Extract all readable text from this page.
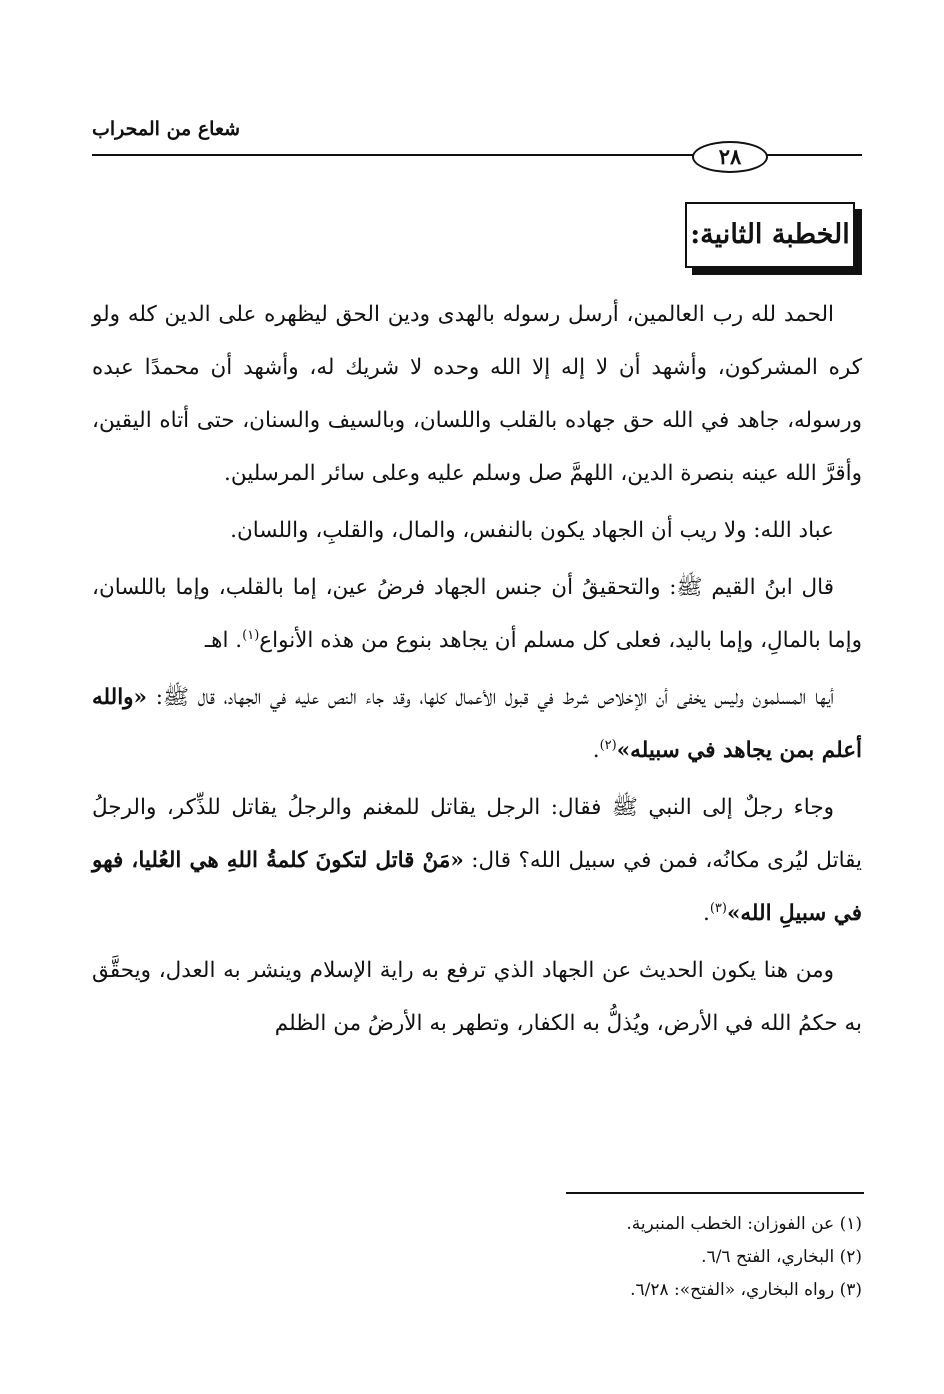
شعاع من المحراب
٢٨
الخطبة الثانية:

الحمد لله رب العالمين، أرسل رسوله بالهدى ودين الحق ليظهره على الدين كله ولو كره المشركون، وأشهد أن لا إله إلا الله وحده لا شريك له، وأشهد أن محمدًا عبده ورسوله، جاهد في الله حق جهاده بالقلب واللسان، وبالسيف والسنان، حتى أتاه اليقين، وأقرَّ الله عينه بنصرة الدين، اللهمَّ صل وسلم عليه وعلى سائر المرسلين.

عباد الله: ولا ريب أن الجهاد يكون بالنفس، والمال، والقلبِ، واللسان.

قال ابنُ القيم ﷺ: والتحقيقُ أن جنس الجهاد فرضُ عين، إما بالقلب، وإما باللسان، وإما بالمالِ، وإما باليد، فعلى كل مسلم أن يجاهد بنوع من هذه الأنواع$^{(١)}$. اهـ

أيها المسلمون وليس يخفى أن الإخلاص شرط في قبول الأعمال كلها، وقد جاء النص عليه في الجهاد، قال ﷺ: «والله أعلم بمن يجاهد في سبيله»$^{(٢)}$.

وجاء رجلٌ إلى النبي ﷺ فقال: الرجل يقاتل للمغنم والرجلُ يقاتل للذِّكر، والرجلُ يقاتل ليُرى مكانُه، فمن في سبيل الله؟ قال: «مَنْ قاتل لتكونَ كلمةُ اللهِ هي العُليا، فهو في سبيلِ الله»$^{(٣)}$.

ومن هنا يكون الحديث عن الجهاد الذي ترفع به راية الإسلام وينشر به العدل، ويحقَّق به حكمُ الله في الأرض، ويُذلُّ به الكفار، وتطهر به الأرضُ من الظلم

(١) عن الفوزان: الخطب المنبرية.
(٢) البخاري، الفتح ٦/٦.
(٣) رواه البخاري، «الفتح»: ٦/٢٨.
